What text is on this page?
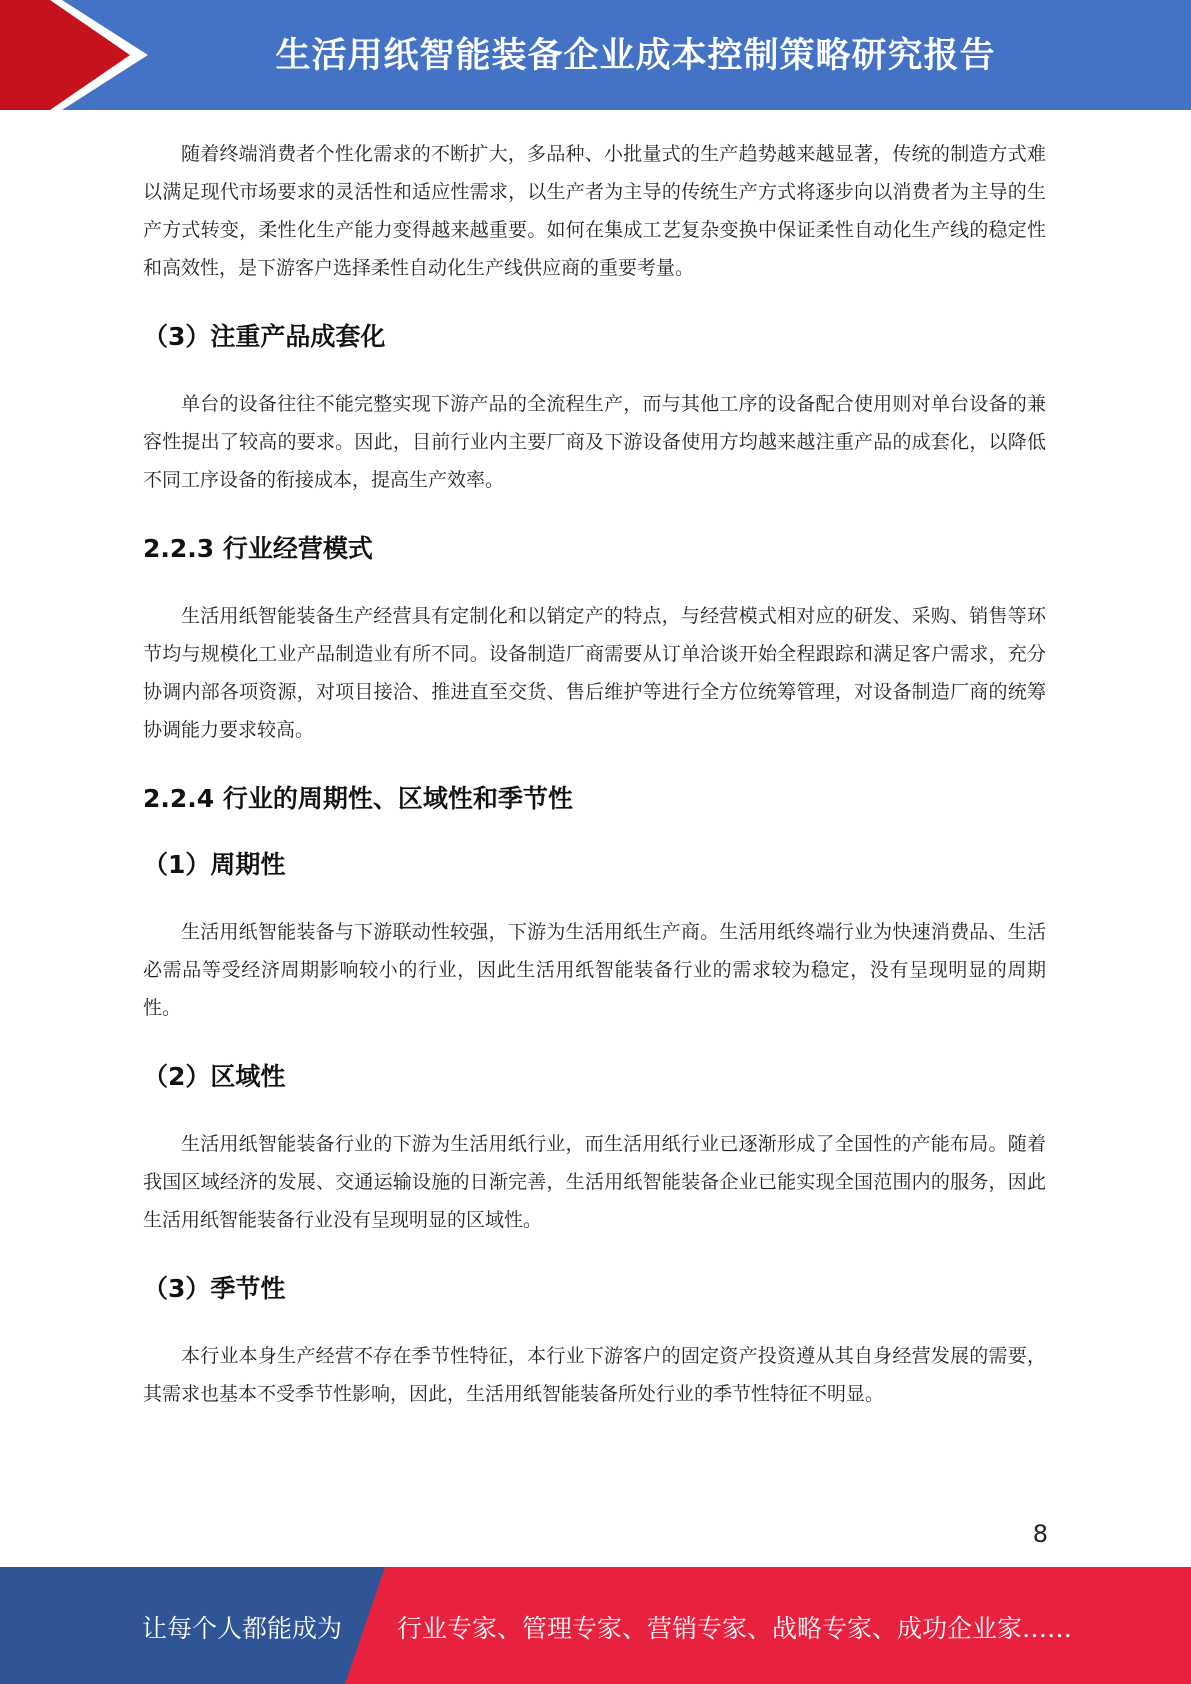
生活用纸智能装备企业成本控制策略研究报告

随着终端消费者个性化需求的不断扩大，多品种、小批量式的生产趋势越来越显著，传统的制造方式难以满足现代市场要求的灵活性和适应性需求，以生产者为主导的传统生产方式将逐步向以消费者为主导的生产方式转变，柔性化生产能力变得越来越重要。如何在集成工艺复杂变换中保证柔性自动化生产线的稳定性和高效性，是下游客户选择柔性自动化生产线供应商的重要考量。

（3）注重产品成套化

单台的设备往往不能完整实现下游产品的全流程生产，而与其他工序的设备配合使用则对单台设备的兼容性提出了较高的要求。因此，目前行业内主要厂商及下游设备使用方均越来越注重产品的成套化，以降低不同工序设备的衔接成本，提高生产效率。

2.2.3 行业经营模式

生活用纸智能装备生产经营具有定制化和以销定产的特点，与经营模式相对应的研发、采购、销售等环节均与规模化工业产品制造业有所不同。设备制造厂商需要从订单洽谈开始全程跟踪和满足客户需求，充分协调内部各项资源，对项目接洽、推进直至交货、售后维护等进行全方位统筹管理，对设备制造厂商的统筹协调能力要求较高。

2.2.4 行业的周期性、区域性和季节性
（1）周期性

生活用纸智能装备与下游联动性较强，下游为生活用纸生产商。生活用纸终端行业为快速消费品、生活必需品等受经济周期影响较小的行业，因此生活用纸智能装备行业的需求较为稳定，没有呈现明显的周期性。

（2）区域性

生活用纸智能装备行业的下游为生活用纸行业，而生活用纸行业已逐渐形成了全国性的产能布局。随着我国区域经济的发展、交通运输设施的日渐完善，生活用纸智能装备企业已能实现全国范围内的服务，因此生活用纸智能装备行业没有呈现明显的区域性。

（3）季节性

本行业本身生产经营不存在季节性特征，本行业下游客户的固定资产投资遵从其自身经营发展的需要，其需求也基本不受季节性影响，因此，生活用纸智能装备所处行业的季节性特征不明显。

8
让每个人都能成为 行业专家、管理专家、营销专家、战略专家、成功企业家……
